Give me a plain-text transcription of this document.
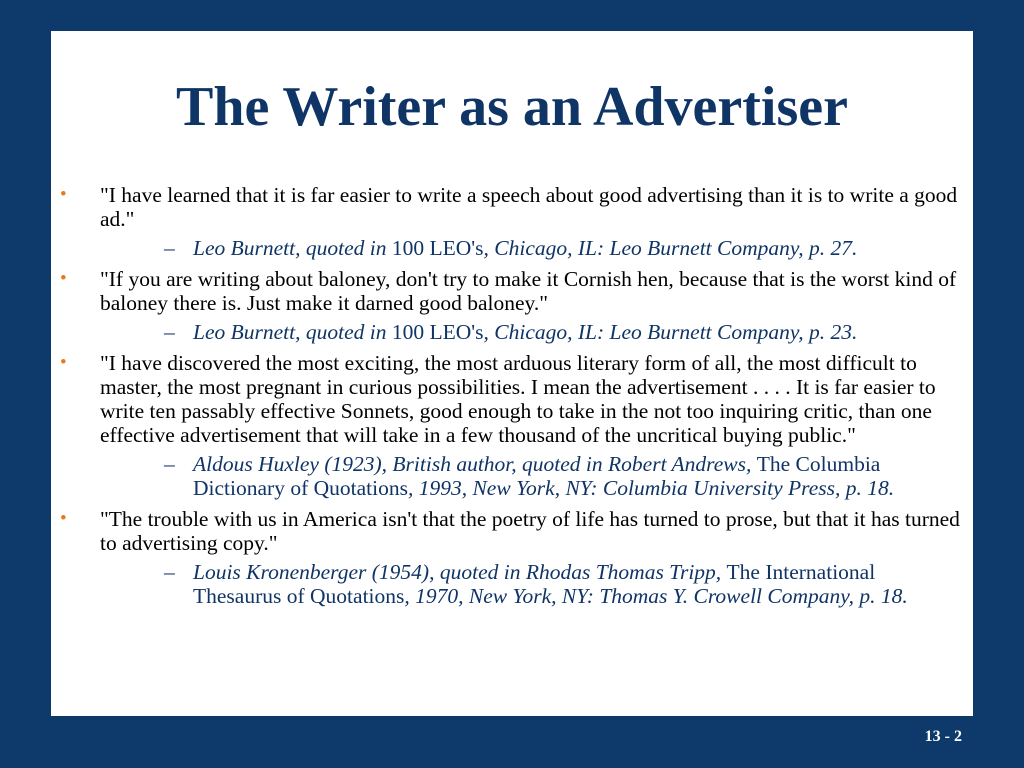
The Writer as an Advertiser
• "I have learned that it is far easier to write a speech about good advertising than it is to write a good ad."
– Leo Burnett, quoted in 100 LEO's, Chicago, IL: Leo Burnett Company, p. 27.
• "If you are writing about baloney, don't try to make it Cornish hen, because that is the worst kind of baloney there is. Just make it darned good baloney."
– Leo Burnett, quoted in 100 LEO's, Chicago, IL: Leo Burnett Company, p. 23.
• "I have discovered the most exciting, the most arduous literary form of all, the most difficult to master, the most pregnant in curious possibilities. I mean the advertisement . . . . It is far easier to write ten passably effective Sonnets, good enough to take in the not too inquiring critic, than one effective advertisement that will take in a few thousand of the uncritical buying public."
– Aldous Huxley (1923), British author, quoted in Robert Andrews, The Columbia Dictionary of Quotations, 1993, New York, NY: Columbia University Press, p. 18.
• "The trouble with us in America isn't that the poetry of life has turned to prose, but that it has turned to advertising copy."
– Louis Kronenberger (1954), quoted in Rhodas Thomas Tripp, The International Thesaurus of Quotations, 1970, New York, NY: Thomas Y. Crowell Company, p. 18.
13 - 2
